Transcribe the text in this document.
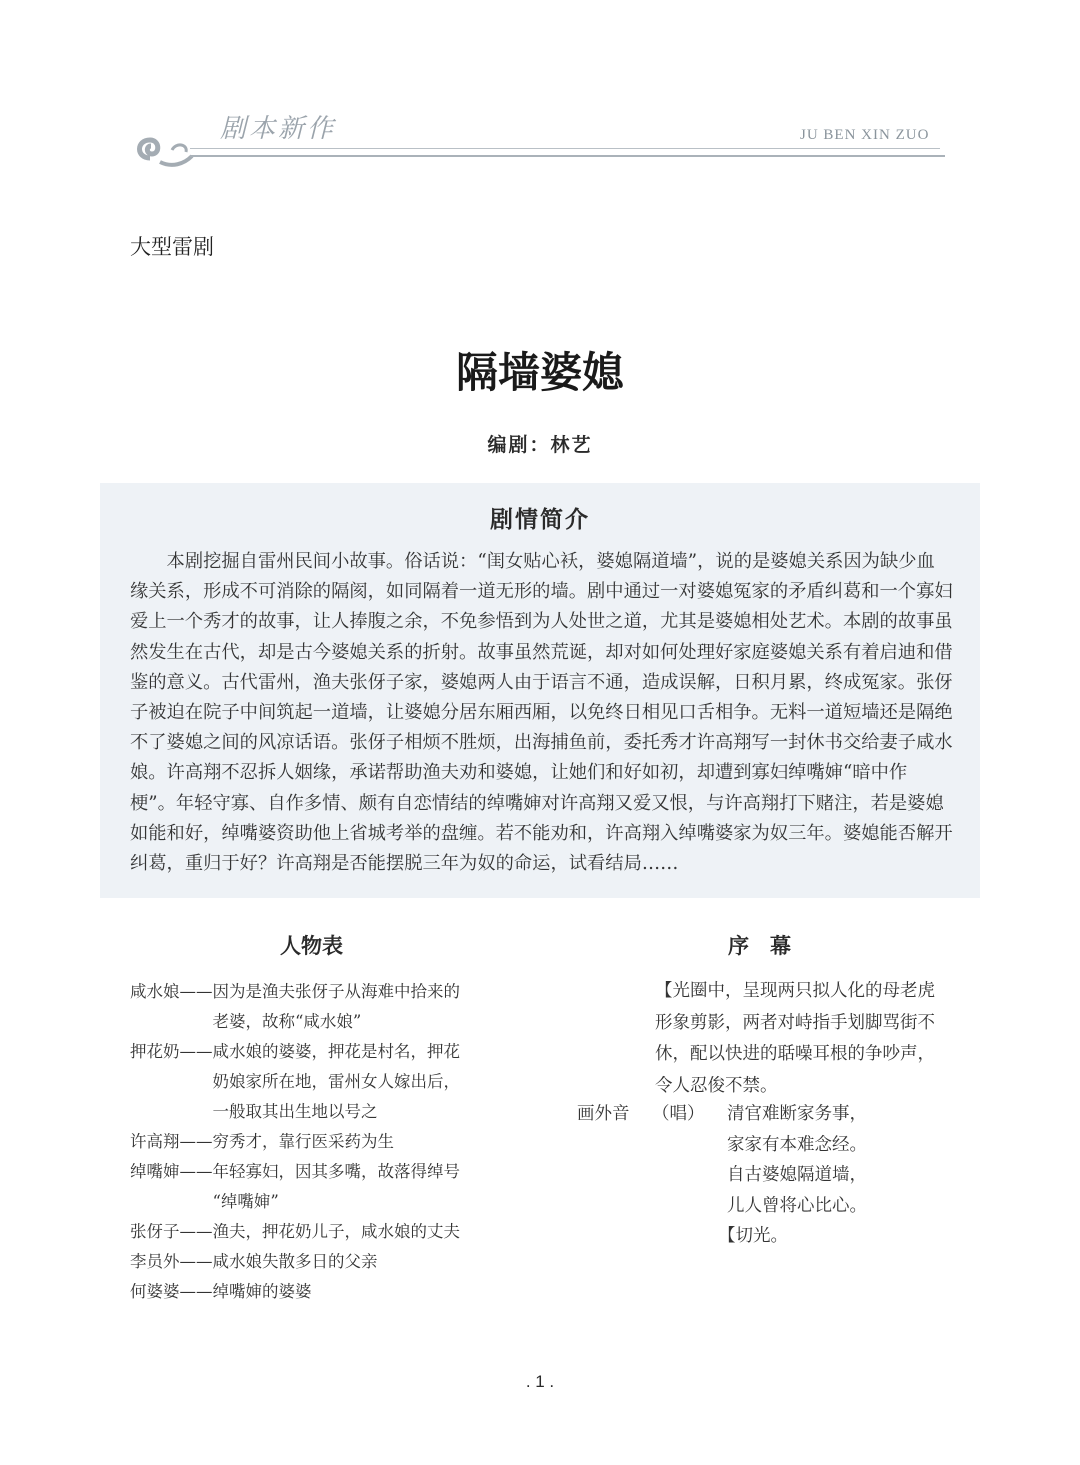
剧本新作	JU BEN XIN ZUO
大型雷剧
隔墙婆媳
编剧：林艺
剧情简介
　　本剧挖掘自雷州民间小故事。俗话说：“闺女贴心袄，婆媳隔道墙”，说的是婆媳关系因为缺少血
缘关系，形成不可消除的隔阂，如同隔着一道无形的墙。剧中通过一对婆媳冤家的矛盾纠葛和一个寡妇
爱上一个秀才的故事，让人捧腹之余，不免参悟到为人处世之道，尤其是婆媳相处艺术。本剧的故事虽
然发生在古代，却是古今婆媳关系的折射。故事虽然荒诞，却对如何处理好家庭婆媳关系有着启迪和借
鉴的意义。古代雷州，渔夫张伢子家，婆媳两人由于语言不通，造成误解，日积月累，终成冤家。张伢
子被迫在院子中间筑起一道墙，让婆媳分居东厢西厢，以免终日相见口舌相争。无料一道短墙还是隔绝
不了婆媳之间的风凉话语。张伢子相烦不胜烦，出海捕鱼前，委托秀才许高翔写一封休书交给妻子咸水
娘。许高翔不忍拆人姻缘，承诺帮助渔夫劝和婆媳，让她们和好如初，却遭到寡妇绰嘴婶“暗中作
梗”。年轻守寡、自作多情、颇有自恋情结的绰嘴婶对许高翔又爱又恨，与许高翔打下赌注，若是婆媳
如能和好，绰嘴婆资助他上省城考举的盘缠。若不能劝和，许高翔入绰嘴婆家为奴三年。婆媳能否解开
纠葛，重归于好？许高翔是否能摆脱三年为奴的命运，试看结局……
人物表
咸水娘——因为是渔夫张伢子从海难中拾来的
　　　　　老婆，故称“咸水娘”
押花奶——咸水娘的婆婆，押花是村名，押花
　　　　　奶娘家所在地，雷州女人嫁出后，
　　　　　一般取其出生地以号之
许高翔——穷秀才，靠行医采药为生
绰嘴婶——年轻寡妇，因其多嘴，故落得绰号
　　　　　“绰嘴婶”
张伢子——渔夫，押花奶儿子，咸水娘的丈夫
李员外——咸水娘失散多日的父亲
何婆婆——绰嘴婶的婆婆
序　幕
【光圈中，呈现两只拟人化的母老虎
形象剪影，两者对峙指手划脚骂街不
休，配以快进的聒噪耳根的争吵声，
令人忍俊不禁。
画外音 （唱） 清官难断家务事，
家家有本难念经。
自古婆媳隔道墙，
儿人曾将心比心。
【切光。
. 1 .
